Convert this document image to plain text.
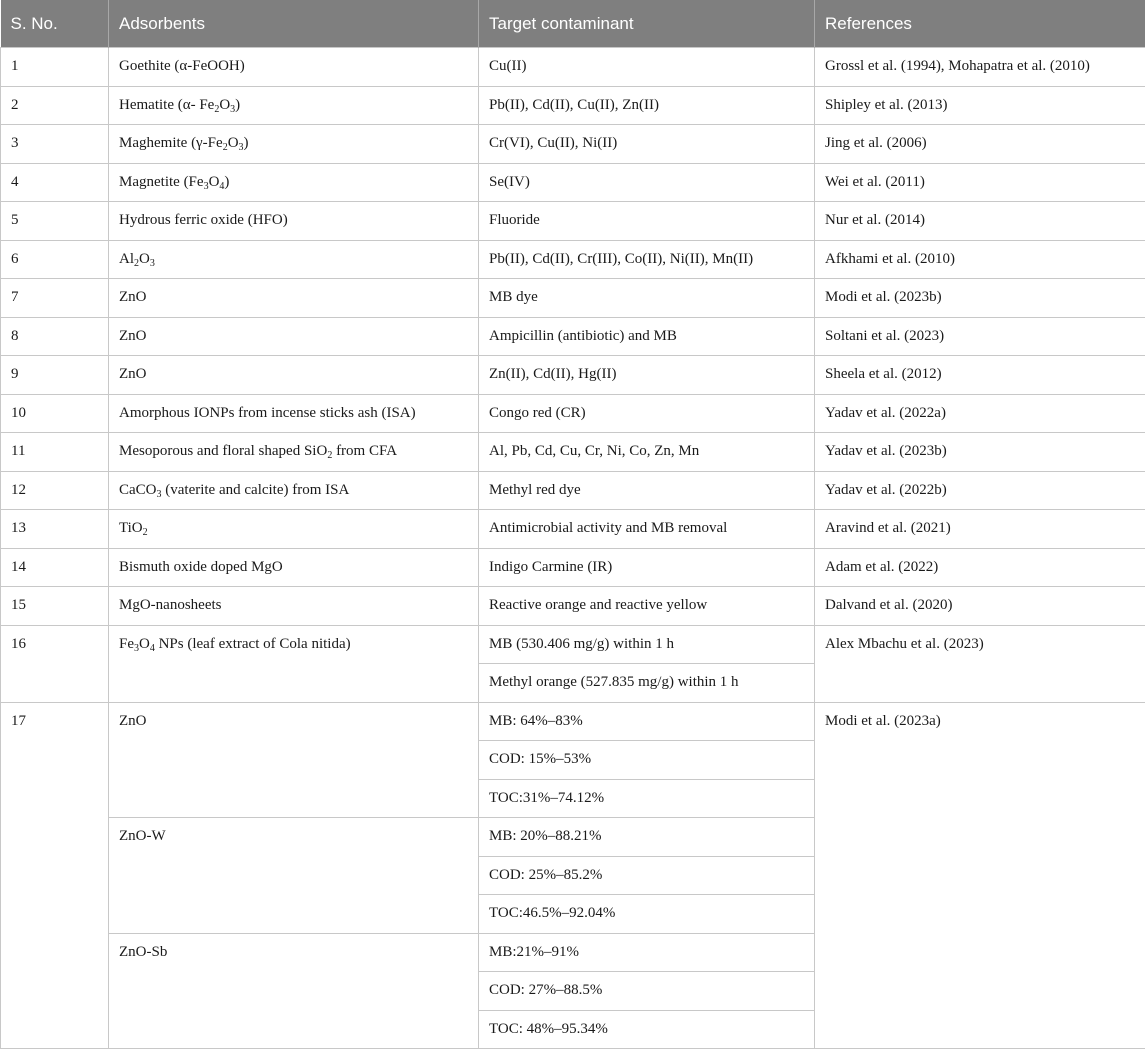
S. No.	Adsorbents	Target contaminant	References
1	Goethite (α-FeOOH)	Cu(II)	Grossl et al. (1994), Mohapatra et al. (2010)
2	Hematite (α- $Fe_2O_3$)	Pb(II), Cd(II), Cu(II), Zn(II)	Shipley et al. (2013)
3	Maghemite $(\gamma-Fe_2O_3)$	Cr(VI), Cu(II), Ni(II)	Jing et al. (2006)
4	Magnetite $(Fe_3O_4)$	Se(IV)	Wei et al. (2011)
5	Hydrous ferric oxide (HFO)	Fluoride	Nur et al. (2014)
6	$Al_2O_3$	Pb(II), Cd(II), Cr(III), Co(II), Ni(II), Mn(II)	Afkhami et al. (2010)
7	ZnO	MB dye	Modi et al. (2023b)
8	ZnO	Ampicillin (antibiotic) and MB	Soltani et al. (2023)
9	ZnO	Zn(II), Cd(II), Hg(II)	Sheela et al. (2012)
10	Amorphous IONPs from incense sticks ash (ISA)	Congo red (CR)	Yadav et al. (2022a)
11	Mesoporous and floral shaped SiO$_2$ from CFA	Al, Pb, Cd, Cu, Cr, Ni, Co, Zn, Mn	Yadav et al. (2023b)
12	CaCO$_3$ (vaterite and calcite) from ISA	Methyl red dye	Yadav et al. (2022b)
13	TiO$_2$	Antimicrobial activity and MB removal	Aravind et al. (2021)
14	Bismuth oxide doped MgO	Indigo Carmine (IR)	Adam et al. (2022)
15	MgO-nanosheets	Reactive orange and reactive yellow	Dalvand et al. (2020)
16	$Fe_3O_4$ NPs (leaf extract of Cola nitida)	MB (530.406 mg/g) within 1 h	Alex Mbachu et al. (2023)
		Methyl orange (527.835 mg/g) within 1 h	
17	ZnO	MB: 64%–83%	Modi et al. (2023a)
		COD: 15%–53%	
		TOC:31%–74.12%	
	ZnO-W	MB: 20%–88.21%	
		COD: 25%–85.2%	
		TOC:46.5%–92.04%	
	ZnO-Sb	MB:21%–91%	
		COD: 27%–88.5%	
		TOC: 48%–95.34%	
